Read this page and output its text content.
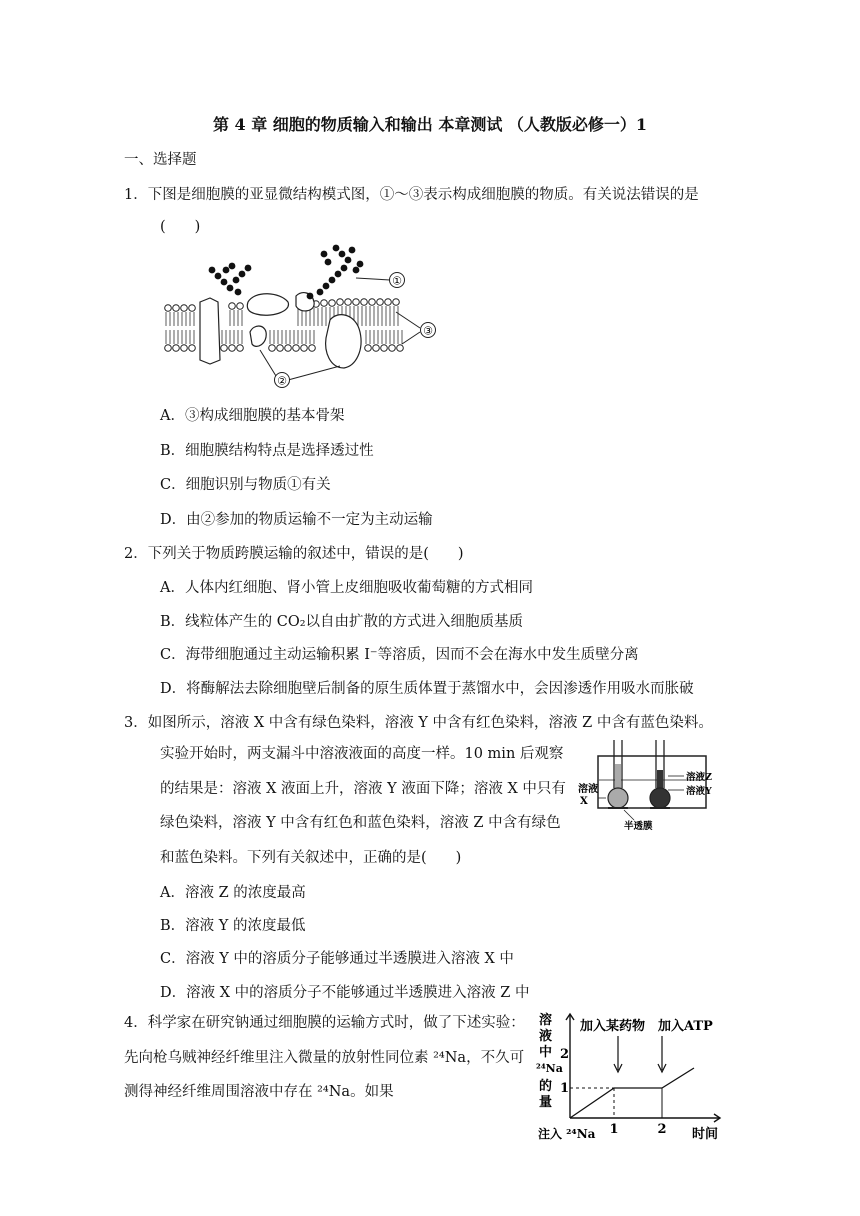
第 4 章 细胞的物质输入和输出 本章测试 （人教版必修一）1
一、选择题
1．下图是细胞膜的亚显微结构模式图，①～③表示构成细胞膜的物质。有关说法错误的是
(　　)
①
③
②
A．③构成细胞膜的基本骨架
B．细胞膜结构特点是选择透过性
C．细胞识别与物质①有关
D．由②参加的物质运输不一定为主动运输
2．下列关于物质跨膜运输的叙述中，错误的是(　　)
A．人体内红细胞、肾小管上皮细胞吸收葡萄糖的方式相同
B．线粒体产生的 CO₂以自由扩散的方式进入细胞质基质
C．海带细胞通过主动运输积累 I⁻等溶质，因而不会在海水中发生质壁分离
D．将酶解法去除细胞壁后制备的原生质体置于蒸馏水中，会因渗透作用吸水而胀破
3．如图所示，溶液 X 中含有绿色染料，溶液 Y 中含有红色染料，溶液 Z 中含有蓝色染料。
实验开始时，两支漏斗中溶液液面的高度一样。10 min 后观察的结果是：溶液 X 液面上升，溶液 Y 液面下降；溶液 X 中只有绿色染料，溶液 Y 中含有红色和蓝色染料，溶液 Z 中含有绿色和蓝色染料。下列有关叙述中，正确的是(　　)
溶液
X
溶液Z
溶液Y
半透膜
A．溶液 Z 的浓度最高
B．溶液 Y 的浓度最低
C．溶液 Y 中的溶质分子能够通过半透膜进入溶液 X 中
D．溶液 X 中的溶质分子不能够通过半透膜进入溶液 Z 中
4．科学家在研究钠通过细胞膜的运输方式时，做了下述实验：先向枪乌贼神经纤维里注入微量的放射性同位素 ²⁴Na，不久可测得神经纤维周围溶液中存在 ²⁴Na。如果
溶
液
中
²⁴Na
的
量
2
1
加入某药物 加入ATP
1	2 时间
注入 ²⁴Na
